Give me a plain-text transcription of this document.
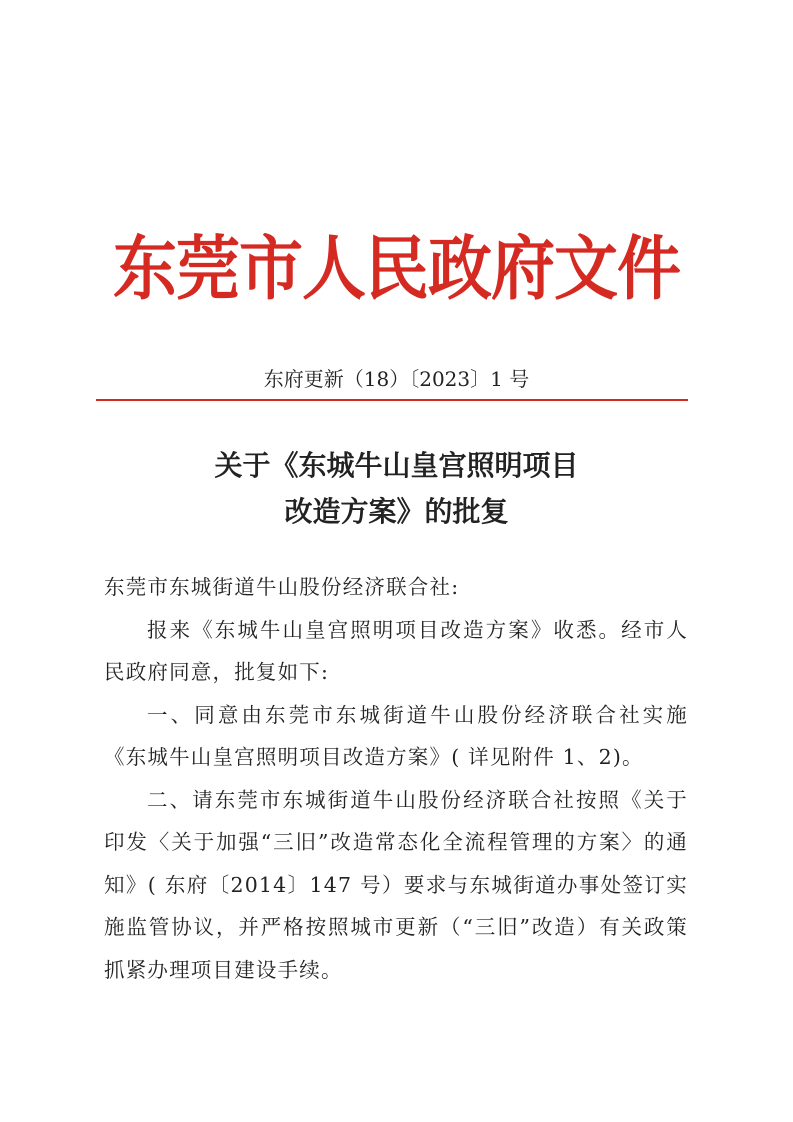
东莞市人民政府文件
东府更新（18）〔2023〕1 号
关于《东城牛山皇宫照明项目
改造方案》的批复

东莞市东城街道牛山股份经济联合社:

报来《东城牛山皇宫照明项目改造方案》收悉。经市人民政府同意，批复如下:

一、同意由东莞市东城街道牛山股份经济联合社实施《东城牛山皇宫照明项目改造方案》( 详见附件 1、2)。

二、请东莞市东城街道牛山股份经济联合社按照《关于印发〈关于加强“三旧”改造常态化全流程管理的方案〉的通知》( 东府〔2014〕147 号）要求与东城街道办事处签订实施监管协议，并严格按照城市更新（“三旧”改造）有关政策抓紧办理项目建设手续。
